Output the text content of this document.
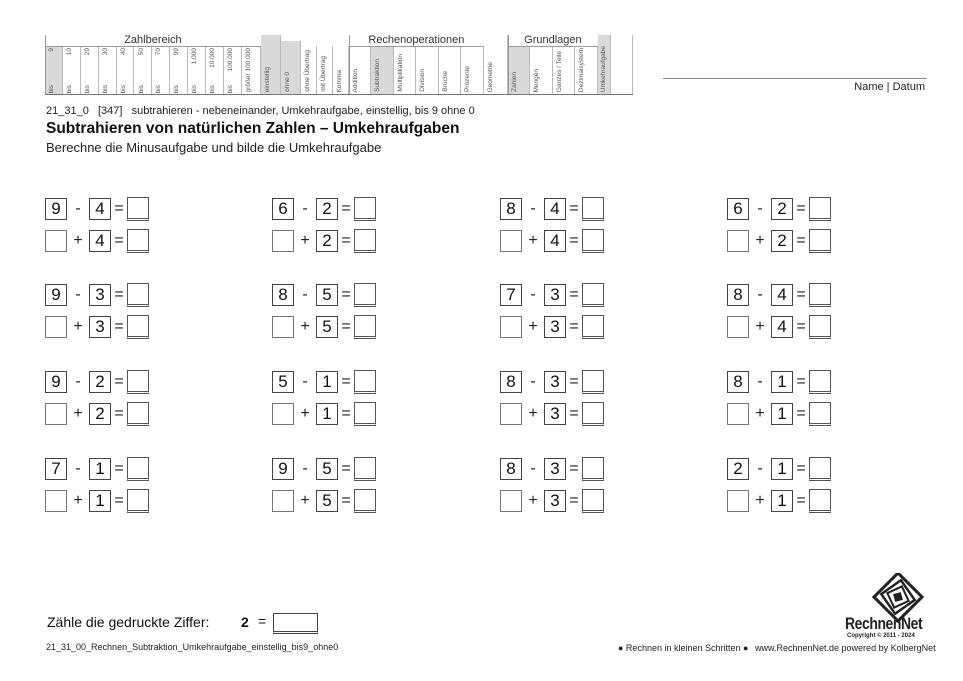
9
bis
10
bis
20
bis
30
bis
40
bis
50
bis
70
bis
99
bis
1.000
bis
10.000
bis
100.000
bis größer 100.000
Zahlbereich
einstellig ohne 0 ohne Übertrag mit Übertrag Komma Addition Subtraktion Multiplikation Division Brüche Prozente
Rechenoperationen
Geometrie	Zahlen Mengen Ganzes / Teile Dezimalsystem
Grundlagen
Umkehraufgabe	Name | Datum
21_31_0   [347]   subtrahieren - nebeneinander, Umkehraufgabe, einstellig, bis 9 ohne 0
Subtrahieren von natürlichen Zahlen – Umkehraufgaben
Berechne die Minusaufgabe und bilde die Umkehraufgabe
9 - 4 =
+ 4 =
6 - 2 =
+ 2 =
8 - 4 =
+ 4 =
6 - 2 =
+ 2 =
9 - 3 =
+ 3 =
8 - 5 =
+ 5 =
7 - 3 =
+ 3 =
8 - 4 =
+ 4 =
9 - 2 =
+ 2 =
5 - 1 =
+ 1 =
8 - 3 =
+ 3 =
8 - 1 =
+ 1 =
7 - 1 =
+ 1 =
9 - 5 =
+ 5 =
8 - 3 =
+ 3 =
2 - 1 =
+ 1 =
Zähle die gedruckte Ziffer: 2 =
21_31_00_Rechnen_Subtraktion_Umkehraufgabe_einstellig_bis9_ohne0	● Rechnen in kleinen Schritten ● www.RechnenNet.de powered by KolbergNet
RechnenNet
Copyright © 2011 - 2024
